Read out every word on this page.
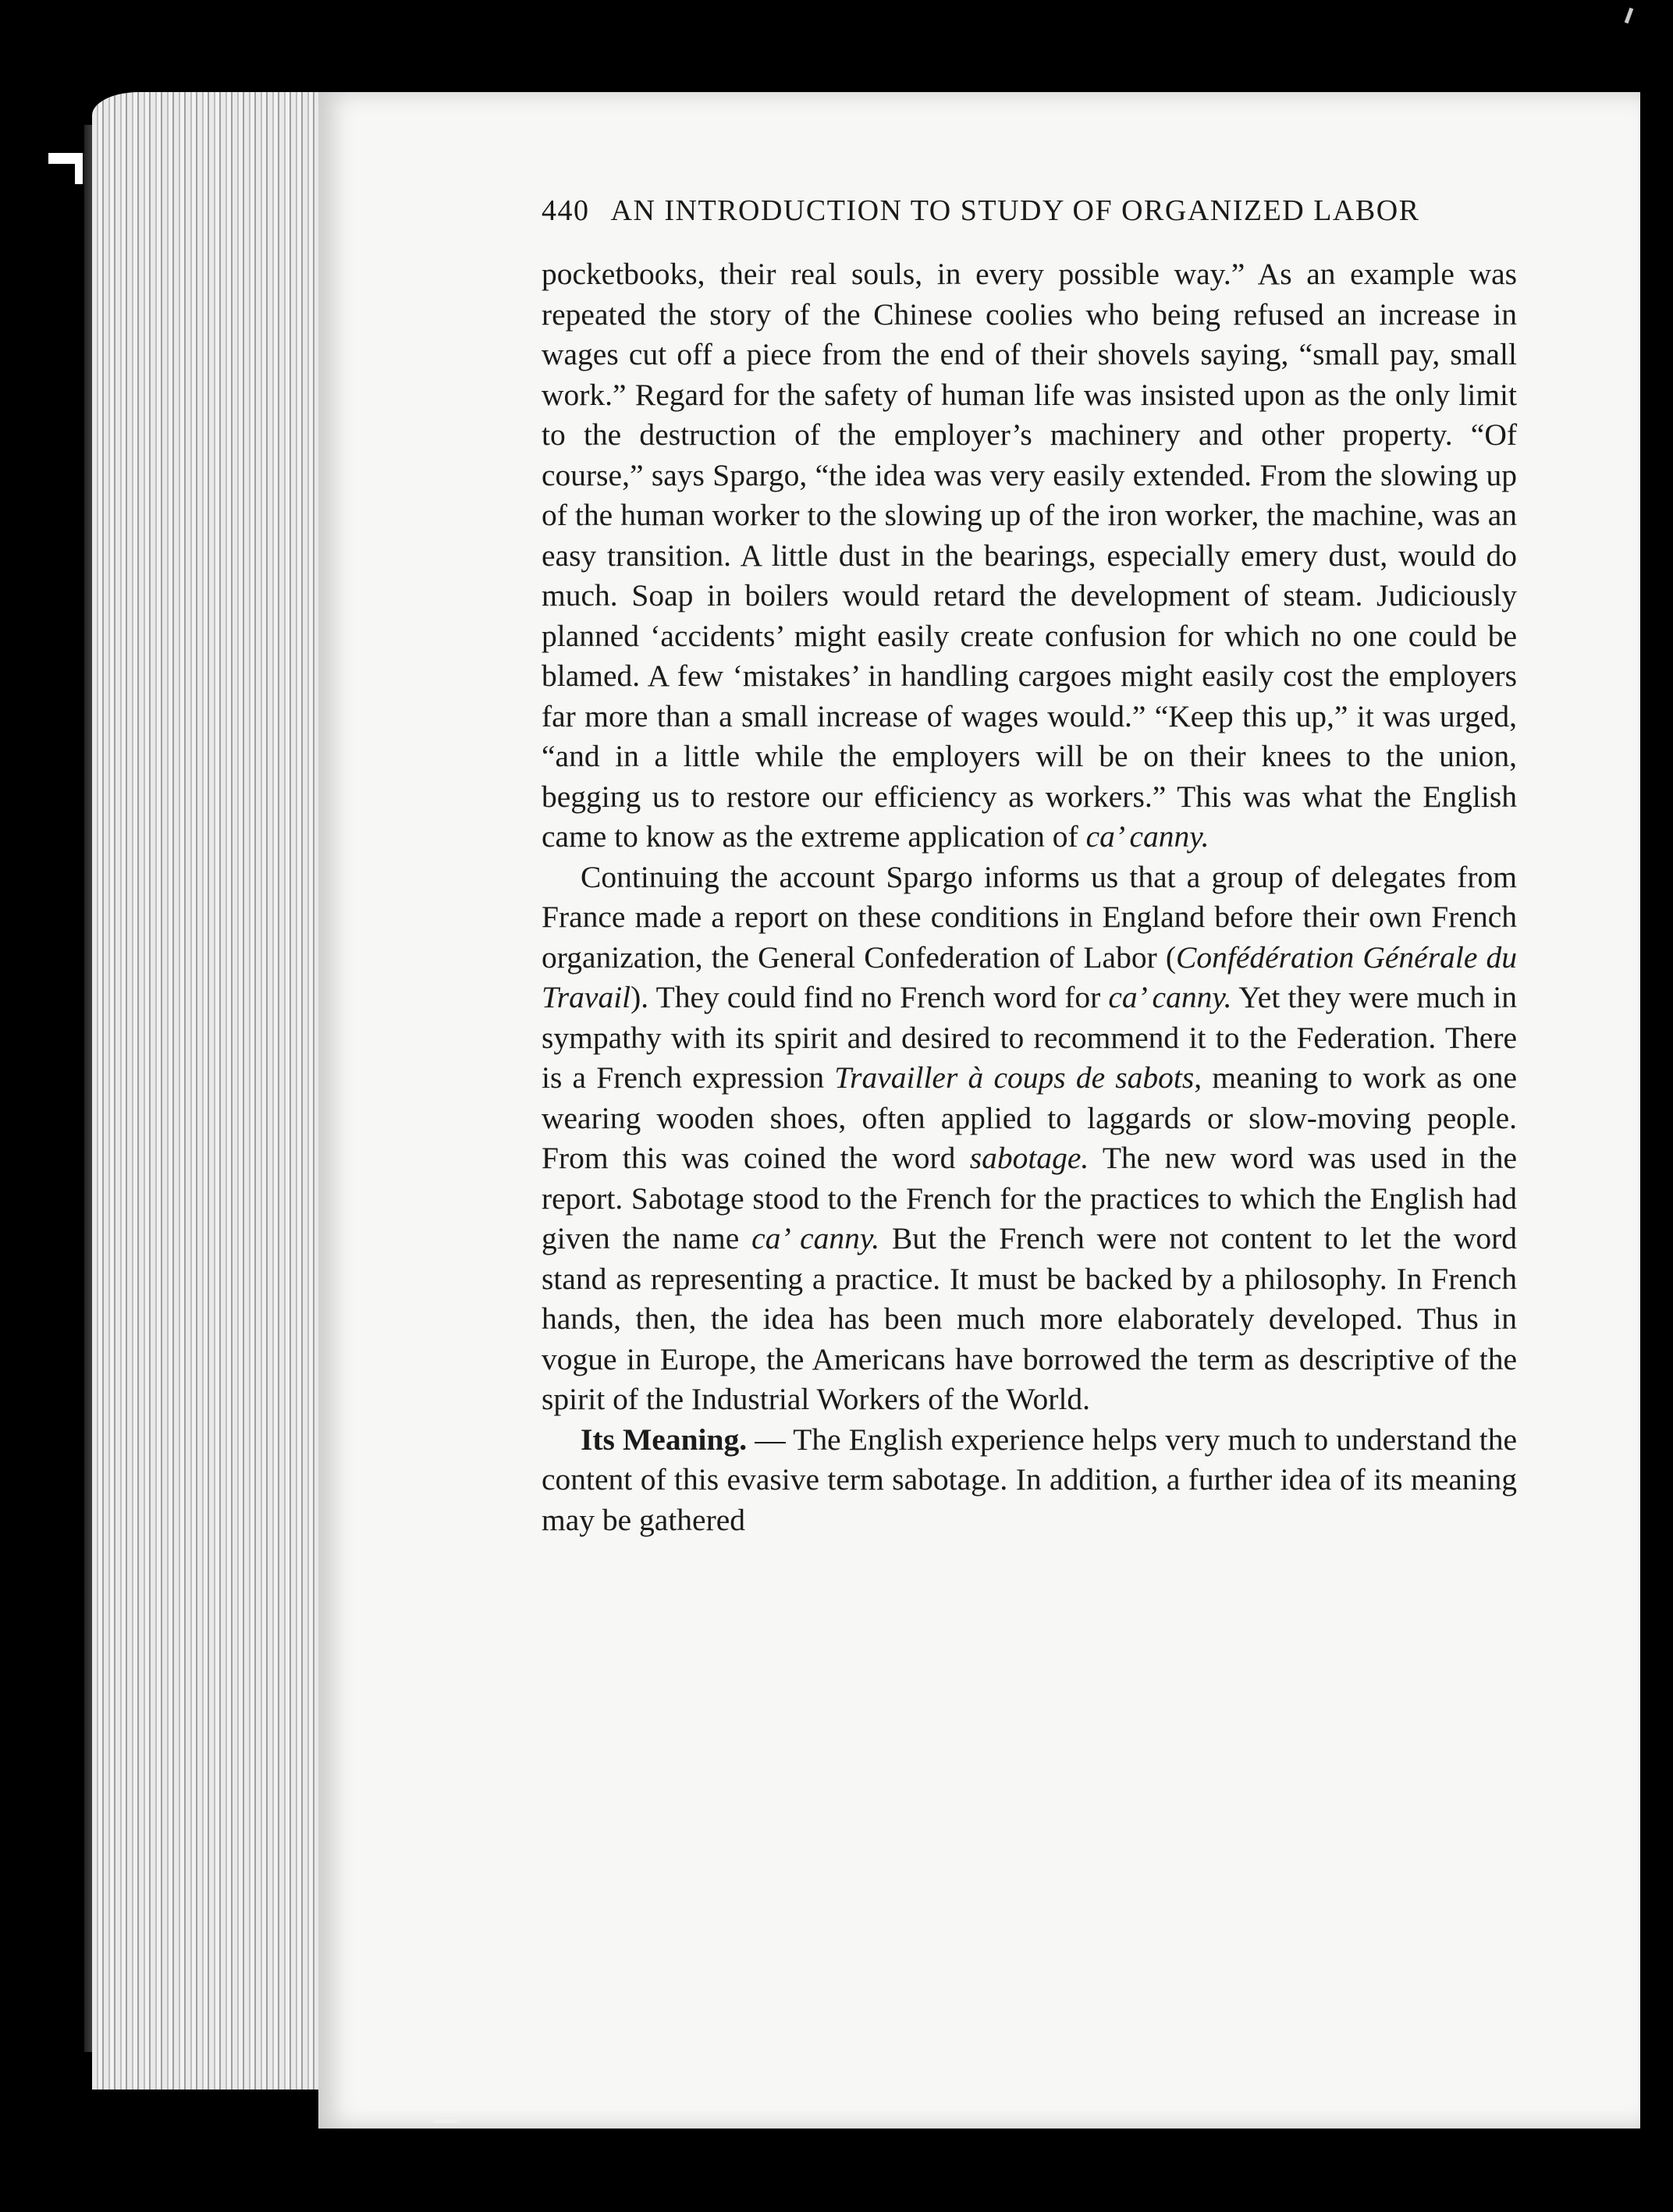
440 AN INTRODUCTION TO STUDY OF ORGANIZED LABOR

pocketbooks, their real souls, in every possible way.” As an example was repeated the story of the Chinese coolies who being refused an increase in wages cut off a piece from the end of their shovels saying, “small pay, small work.” Regard for the safety of human life was insisted upon as the only limit to the destruction of the employer’s machinery and other property. “Of course,” says Spargo, “the idea was very easily extended. From the slowing up of the human worker to the slowing up of the iron worker, the machine, was an easy transition. A little dust in the bearings, especially emery dust, would do much. Soap in boilers would retard the development of steam. Judiciously planned ‘accidents’ might easily create confusion for which no one could be blamed. A few ‘mistakes’ in handling cargoes might easily cost the employers far more than a small increase of wages would.” “Keep this up,” it was urged, “and in a little while the employers will be on their knees to the union, begging us to restore our efficiency as workers.” This was what the English came to know as the extreme application of ca’ canny.

Continuing the account Spargo informs us that a group of delegates from France made a report on these conditions in England before their own French organization, the General Confederation of Labor (Confédération Générale du Travail). They could find no French word for ca’ canny. Yet they were much in sympathy with its spirit and desired to recommend it to the Federation. There is a French expression Travailler à coups de sabots, meaning to work as one wearing wooden shoes, often applied to laggards or slow-moving people. From this was coined the word sabotage. The new word was used in the report. Sabotage stood to the French for the practices to which the English had given the name ca’ canny. But the French were not content to let the word stand as representing a practice. It must be backed by a philosophy. In French hands, then, the idea has been much more elaborately developed. Thus in vogue in Europe, the Americans have borrowed the term as descriptive of the spirit of the Industrial Workers of the World.

Its Meaning. — The English experience helps very much to understand the content of this evasive term sabotage. In addition, a further idea of its meaning may be gathered
